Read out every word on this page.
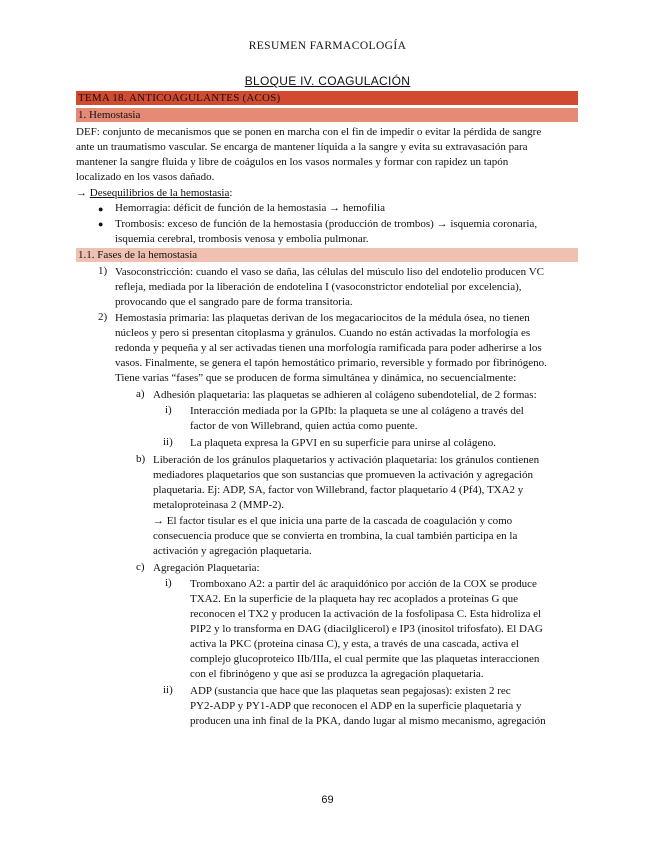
RESUMEN FARMACOLOGÍA
BLOQUE IV. COAGULACIÓN
TEMA 18. ANTICOAGULANTES (ACOS)
1. Hemostasia
DEF: conjunto de mecanismos que se ponen en marcha con el fin de impedir o evitar la pérdida de sangre
ante un traumatismo vascular. Se encarga de mantener líquida a la sangre y evita su extravasación para
mantener la sangre fluida y libre de coágulos en los vasos normales y formar con rapidez un tapón
localizado en los vasos dañado.
→ Desequilibrios de la hemostasia:
● Hemorragia: déficit de función de la hemostasia → hemofilia
● Trombosis: exceso de función de la hemostasia (producción de trombos) → isquemia coronaria,
isquemia cerebral, trombosis venosa y embolia pulmonar.
1.1. Fases de la hemostasia
1) Vasoconstricción: cuando el vaso se daña, las células del músculo liso del endotelio producen VC
refleja, mediada por la liberación de endotelina I (vasoconstrictor endotelial por excelencia),
provocando que el sangrado pare de forma transitoria.
2) Hemostasia primaria: las plaquetas derivan de los megacariocitos de la médula ósea, no tienen
núcleos y pero si presentan citoplasma y gránulos. Cuando no están activadas la morfología es
redonda y pequeña y al ser activadas tienen una morfología ramificada para poder adherirse a los
vasos. Finalmente, se genera el tapón hemostático primario, reversible y formado por fibrinógeno.
Tiene varias “fases” que se producen de forma simultánea y dinámica, no secuencialmente:
a) Adhesión plaquetaria: las plaquetas se adhieren al colágeno subendotelial, de 2 formas:
i) Interacción mediada por la GPIb: la plaqueta se une al colágeno a través del
factor de von Willebrand, quien actúa como puente.
ii) La plaqueta expresa la GPVI en su superficie para unirse al colágeno.
b) Liberación de los gránulos plaquetarios y activación plaquetaria: los gránulos contienen
mediadores plaquetarios que son sustancias que promueven la activación y agregación
plaquetaria. Ej: ADP, SA, factor von Willebrand, factor plaquetario 4 (Pf4), TXA2 y
metaloproteinasa 2 (MMP-2).
→ El factor tisular es el que inicia una parte de la cascada de coagulación y como
consecuencia produce que se convierta en trombina, la cual también participa en la
activación y agregación plaquetaria.
c) Agregación Plaquetaria:
i) Tromboxano A2: a partir del ác araquidónico por acción de la COX se produce
TXA2. En la superficie de la plaqueta hay rec acoplados a proteínas G que
reconocen el TX2 y producen la activación de la fosfolipasa C. Esta hidroliza el
PIP2 y lo transforma en DAG (diacilglicerol) e IP3 (inositol trifosfato). El DAG
activa la PKC (proteína cinasa C), y esta, a través de una cascada, activa el
complejo glucoproteico IIb/IIIa, el cual permite que las plaquetas interaccionen
con el fibrinógeno y que así se produzca la agregación plaquetaria.
ii) ADP (sustancia que hace que las plaquetas sean pegajosas): existen 2 rec
PY2-ADP y PY1-ADP que reconocen el ADP en la superficie plaquetaria y
producen una inh final de la PKA, dando lugar al mismo mecanismo, agregación
69
